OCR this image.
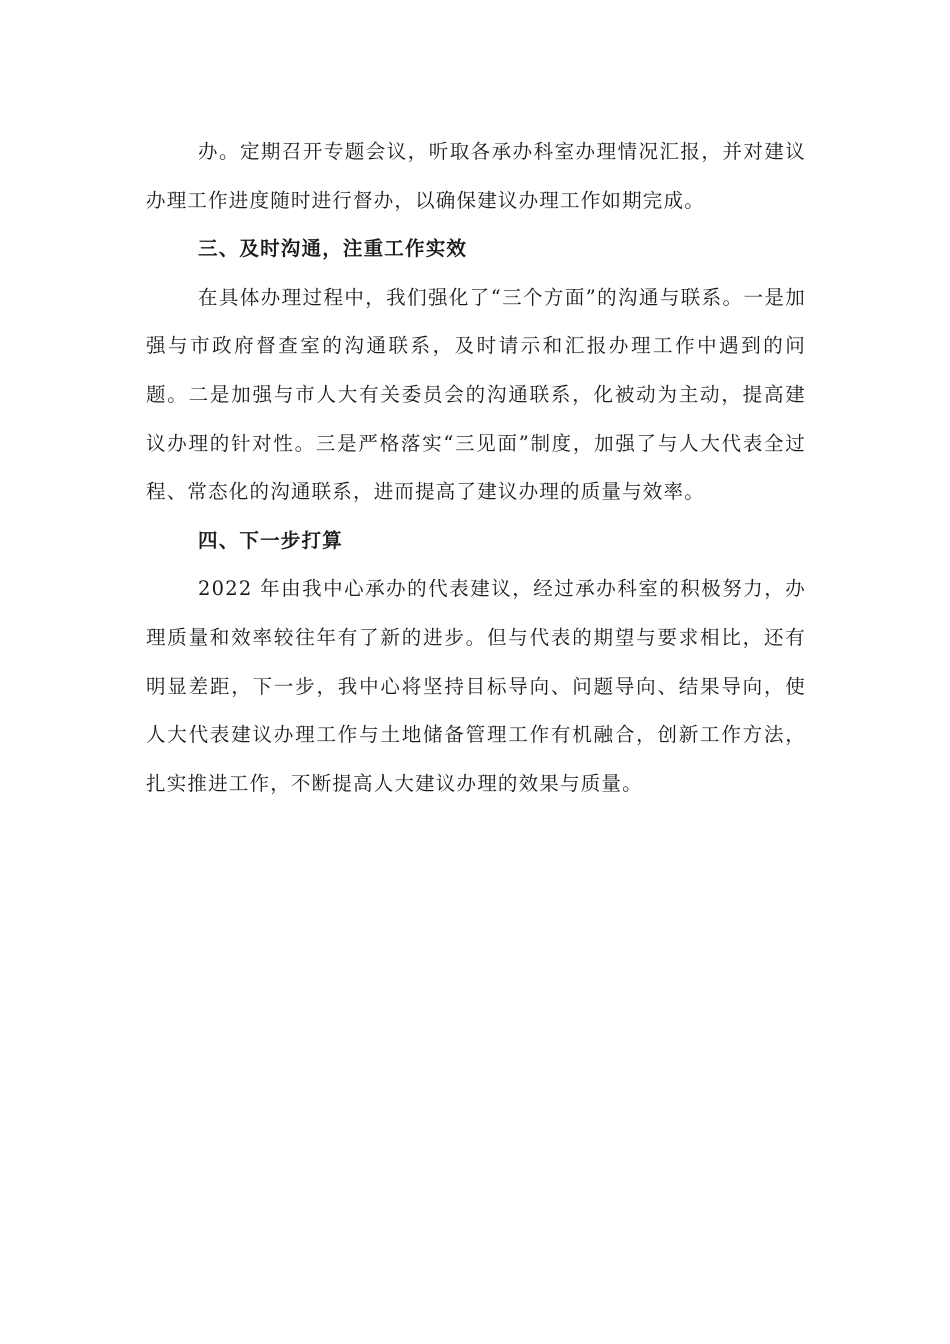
办。定期召开专题会议，听取各承办科室办理情况汇报，并对建议办理工作进度随时进行督办，以确保建议办理工作如期完成。

三、及时沟通，注重工作实效

在具体办理过程中，我们强化了“三个方面”的沟通与联系。一是加强与市政府督查室的沟通联系，及时请示和汇报办理工作中遇到的问题。二是加强与市人大有关委员会的沟通联系，化被动为主动，提高建议办理的针对性。三是严格落实“三见面”制度，加强了与人大代表全过程、常态化的沟通联系，进而提高了建议办理的质量与效率。

四、下一步打算

2022 年由我中心承办的代表建议，经过承办科室的积极努力，办理质量和效率较往年有了新的进步。但与代表的期望与要求相比，还有明显差距，下一步，我中心将坚持目标导向、问题导向、结果导向，使人大代表建议办理工作与土地储备管理工作有机融合，创新工作方法，扎实推进工作，不断提高人大建议办理的效果与质量。
